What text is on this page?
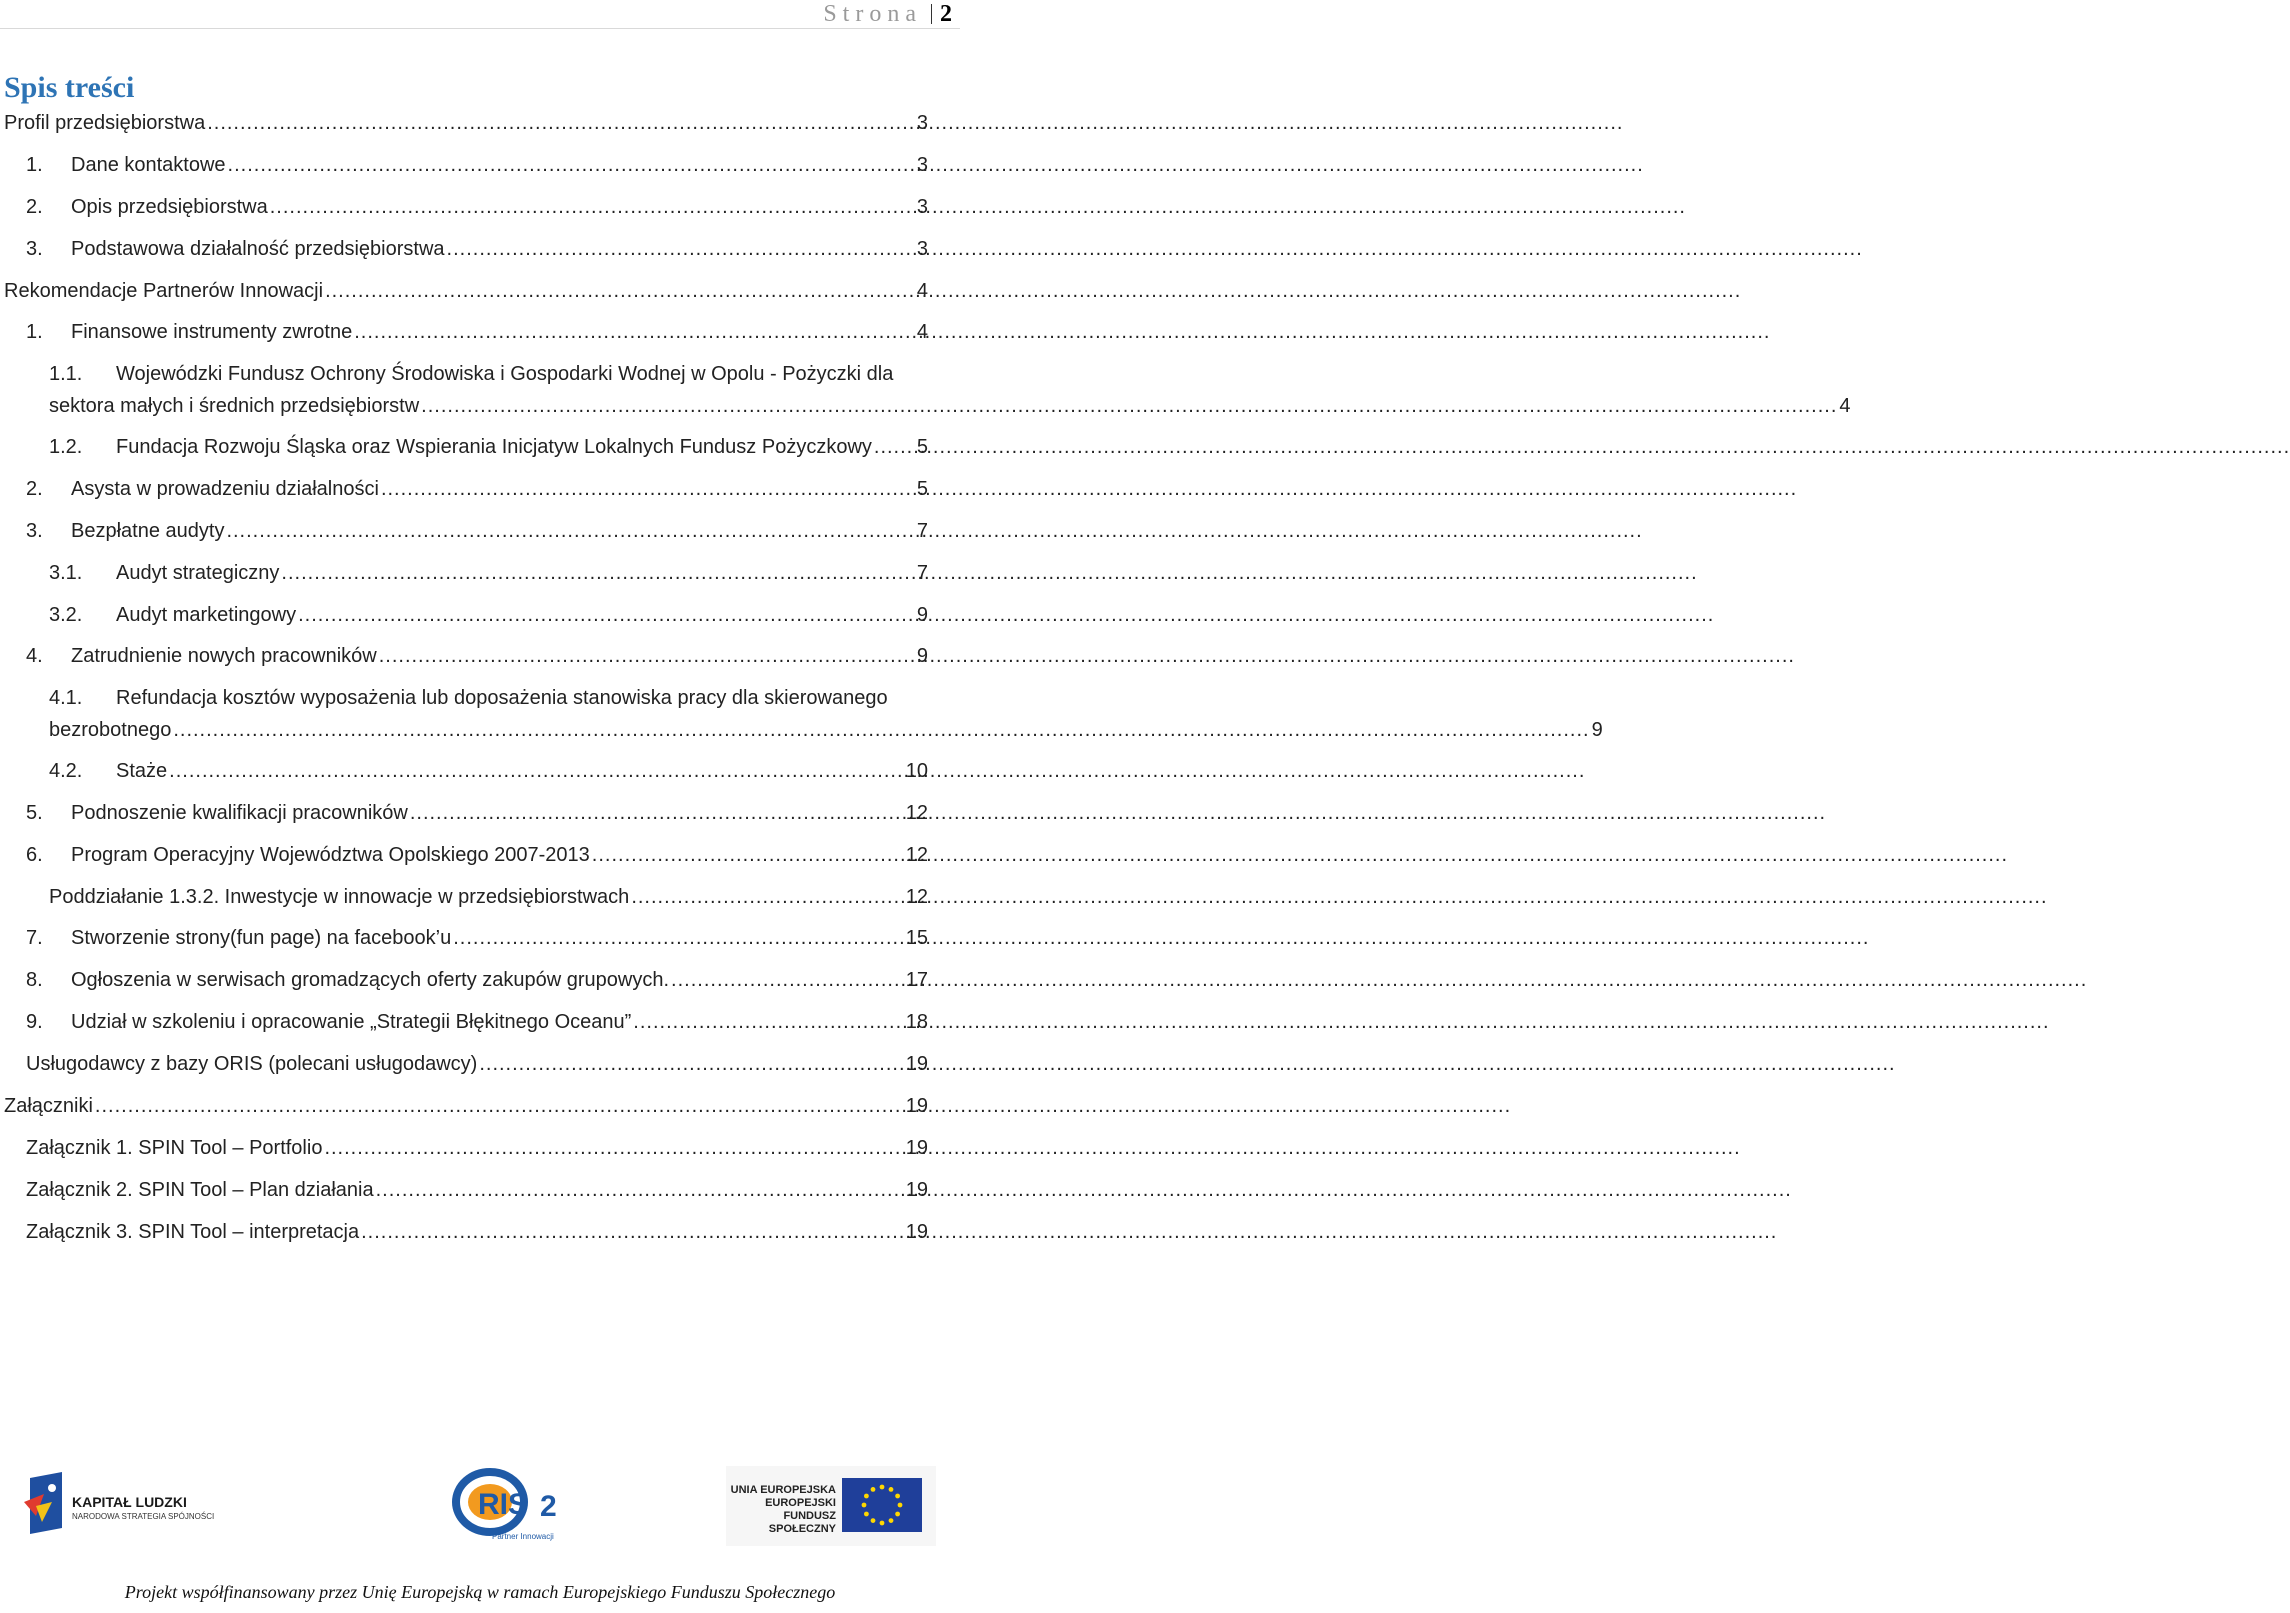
Strona 2
Spis treści
Profil przedsiębiorstwa .....	3
1.	Dane kontaktowe .....	3
2.	Opis przedsiębiorstwa .....	3
3.	Podstawowa działalność przedsiębiorstwa .....	3
Rekomendacje Partnerów Innowacji .....	4
1.	Finansowe instrumenty zwrotne .....	4
1.1. Wojewódzki Fundusz Ochrony Środowiska i Gospodarki Wodnej w Opolu - Pożyczki dla
sektora małych i średnich przedsiębiorstw .....	4
1.2.	Fundacja Rozwoju Śląska oraz Wspierania Inicjatyw Lokalnych Fundusz Pożyczkowy ..... 5
2.	Asysta w prowadzeniu działalności .....	5
3.	Bezpłatne audyty .....	7
3.1.	Audyt strategiczny .....	7
3.2.	Audyt marketingowy .....	9
4.	Zatrudnienie nowych pracowników .....	9
4.1. Refundacja kosztów wyposażenia lub doposażenia stanowiska pracy dla skierowanego
bezrobotnego .....	9
4.2.	Staże .....	10
5.	Podnoszenie kwalifikacji pracowników .....	12
6.	Program Operacyjny Województwa Opolskiego 2007-2013 .....	12
Poddziałanie 1.3.2. Inwestycje w innowacje w przedsiębiorstwach .....	12
7.	Stworzenie strony(fun page) na facebook’u .....	15
8.	Ogłoszenia w serwisach gromadzących oferty zakupów grupowych. .....	17
9.	Udział w szkoleniu i opracowanie „Strategii Błękitnego Oceanu” .....	18
Usługodawcy z bazy ORIS (polecani usługodawcy) .....	19
Załączniki .....	19
Załącznik 1. SPIN Tool – Portfolio .....	19
Załącznik 2. SPIN Tool – Plan działania .....	19
Załącznik 3. SPIN Tool – interpretacja .....	19
KAPITAŁ LUDZKI
NARODOWA STRATEGIA SPÓJNOŚCI	RIS 2
Partner Innowacji
UNIA EUROPEJSKA
EUROPEJSKI
FUNDUSZ SPOŁECZNY
Projekt współfinansowany przez Unię Europejską w ramach Europejskiego Funduszu Społecznego
